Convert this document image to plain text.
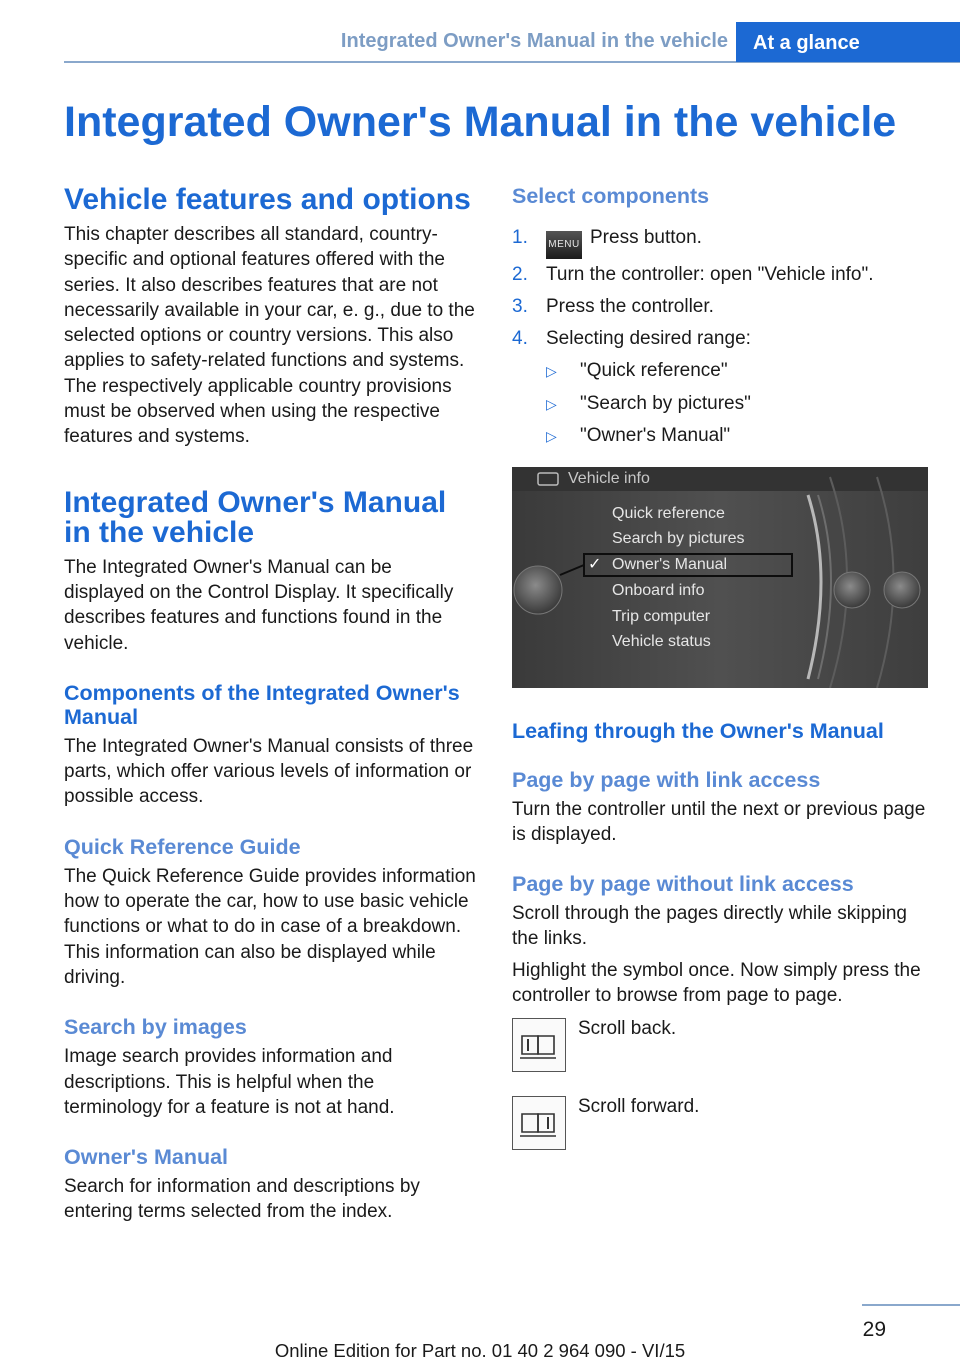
Integrated Owner's Manual in the vehicle	At a glance
Integrated Owner's Manual in the vehicle
Vehicle features and options

This chapter describes all standard, country-specific and optional features offered with the series. It also describes features that are not necessarily available in your car, e. g., due to the selected options or country versions. This also applies to safety-related functions and systems. The respectively applicable country provisions must be observed when using the respective features and systems.

Integrated Owner's Manual in the vehicle

The Integrated Owner's Manual can be displayed on the Control Display. It specifically describes features and functions found in the vehicle.

Components of the Integrated Owner's Manual

The Integrated Owner's Manual consists of three parts, which offer various levels of information or possible access.

Quick Reference Guide

The Quick Reference Guide provides information how to operate the car, how to use basic vehicle functions or what to do in case of a breakdown. This information can also be displayed while driving.

Search by images

Image search provides information and descriptions. This is helpful when the terminology for a feature is not at hand.

Owner's Manual

Search for information and descriptions by entering terms selected from the index.

Select components
1. MENU Press button.
2. Turn the controller: open "Vehicle info".
3. Press the controller.
4. Selecting desired range:
▷ "Quick reference"
▷ "Search by pictures"
▷ "Owner's Manual"
Vehicle info
Quick reference
Search by pictures
✓ Owner's Manual
Onboard info
Trip computer
Vehicle status
Leafing through the Owner's Manual
Page by page with link access

Turn the controller until the next or previous page is displayed.

Page by page without link access

Scroll through the pages directly while skipping the links.

Highlight the symbol once. Now simply press the controller to browse from page to page.

Scroll back.

Scroll forward.

29
Online Edition for Part no. 01 40 2 964 090 - VI/15
